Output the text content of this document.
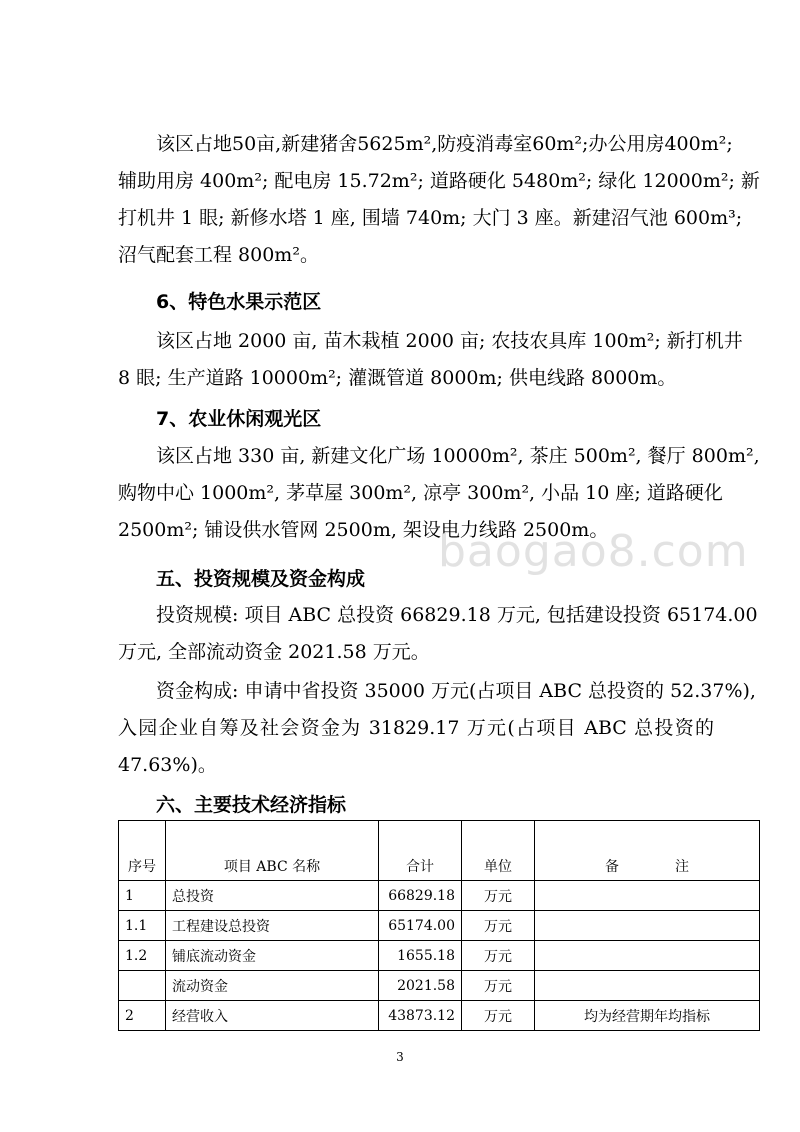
baogao8.com
该区占地50亩,新建猪舍5625m²,防疫消毒室60m²;办公用房400m²;
辅助用房 400m²; 配电房 15.72m²; 道路硬化 5480m²; 绿化 12000m²; 新
打机井 1 眼; 新修水塔 1 座, 围墙 740m; 大门 3 座。新建沼气池 600m³;
沼气配套工程 800m²。
6、特色水果示范区
该区占地 2000 亩, 苗木栽植 2000 亩; 农技农具库 100m²; 新打机井
8 眼; 生产道路 10000m²; 灌溉管道 8000m; 供电线路 8000m。
7、农业休闲观光区
该区占地 330 亩, 新建文化广场 10000m², 茶庄 500m², 餐厅 800m²,
购物中心 1000m², 茅草屋 300m², 凉亭 300m², 小品 10 座; 道路硬化
2500m²; 铺设供水管网 2500m, 架设电力线路 2500m。
五、投资规模及资金构成
投资规模: 项目 ABC 总投资 66829.18 万元, 包括建设投资 65174.00
万元, 全部流动资金 2021.58 万元。
资金构成: 申请中省投资 35000 万元(占项目 ABC 总投资的 52.37%),
入园企业自筹及社会资金为 31829.17 万元(占项目 ABC 总投资的
47.63%)。
六、主要技术经济指标
序号	项目 ABC 名称	合计	单位	备　　　　注
1	总投资	66829.18	万元	
1.1	工程建设总投资	65174.00	万元	
1.2	铺底流动资金	1655.18	万元	
	流动资金	2021.58	万元	
2	经营收入	43873.12	万元	均为经营期年均指标
3
